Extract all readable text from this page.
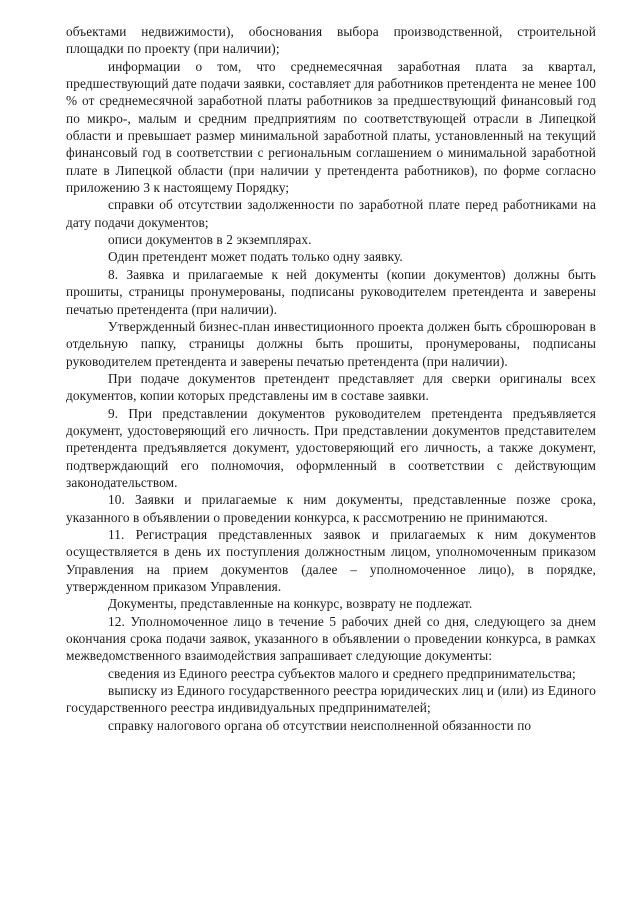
объектами недвижимости), обоснования выбора производственной, строительной площадки по проекту (при наличии);

информации о том, что среднемесячная заработная плата за квартал, предшествующий дате подачи заявки, составляет для работников претендента не менее 100 % от среднемесячной заработной платы работников за предшествующий финансовый год по микро-, малым и средним предприятиям по соответствующей отрасли в Липецкой области и превышает размер минимальной заработной платы, установленный на текущий финансовый год в соответствии с региональным соглашением о минимальной заработной плате в Липецкой области (при наличии у претендента работников), по форме согласно приложению 3 к настоящему Порядку;

справки об отсутствии задолженности по заработной плате перед работниками на дату подачи документов;

описи документов в 2 экземплярах.

Один претендент может подать только одну заявку.

8. Заявка и прилагаемые к ней документы (копии документов) должны быть прошиты, страницы пронумерованы, подписаны руководителем претендента и заверены печатью претендента (при наличии).

Утвержденный бизнес-план инвестиционного проекта должен быть сброшюрован в отдельную папку, страницы должны быть прошиты, пронумерованы, подписаны руководителем претендента и заверены печатью претендента (при наличии).

При подаче документов претендент представляет для сверки оригиналы всех документов, копии которых представлены им в составе заявки.

9. При представлении документов руководителем претендента предъявляется документ, удостоверяющий его личность. При представлении документов представителем претендента предъявляется документ, удостоверяющий его личность, а также документ, подтверждающий его полномочия, оформленный в соответствии с действующим законодательством.

10. Заявки и прилагаемые к ним документы, представленные позже срока, указанного в объявлении о проведении конкурса, к рассмотрению не принимаются.

11. Регистрация представленных заявок и прилагаемых к ним документов осуществляется в день их поступления должностным лицом, уполномоченным приказом Управления на прием документов (далее – уполномоченное лицо), в порядке, утвержденном приказом Управления.

Документы, представленные на конкурс, возврату не подлежат.

12. Уполномоченное лицо в течение 5 рабочих дней со дня, следующего за днем окончания срока подачи заявок, указанного в объявлении о проведении конкурса, в рамках межведомственного взаимодействия запрашивает следующие документы:

сведения из Единого реестра субъектов малого и среднего предпринимательства;

выписку из Единого государственного реестра юридических лиц и (или) из Единого государственного реестра индивидуальных предпринимателей;

справку налогового органа об отсутствии неисполненной обязанности по
